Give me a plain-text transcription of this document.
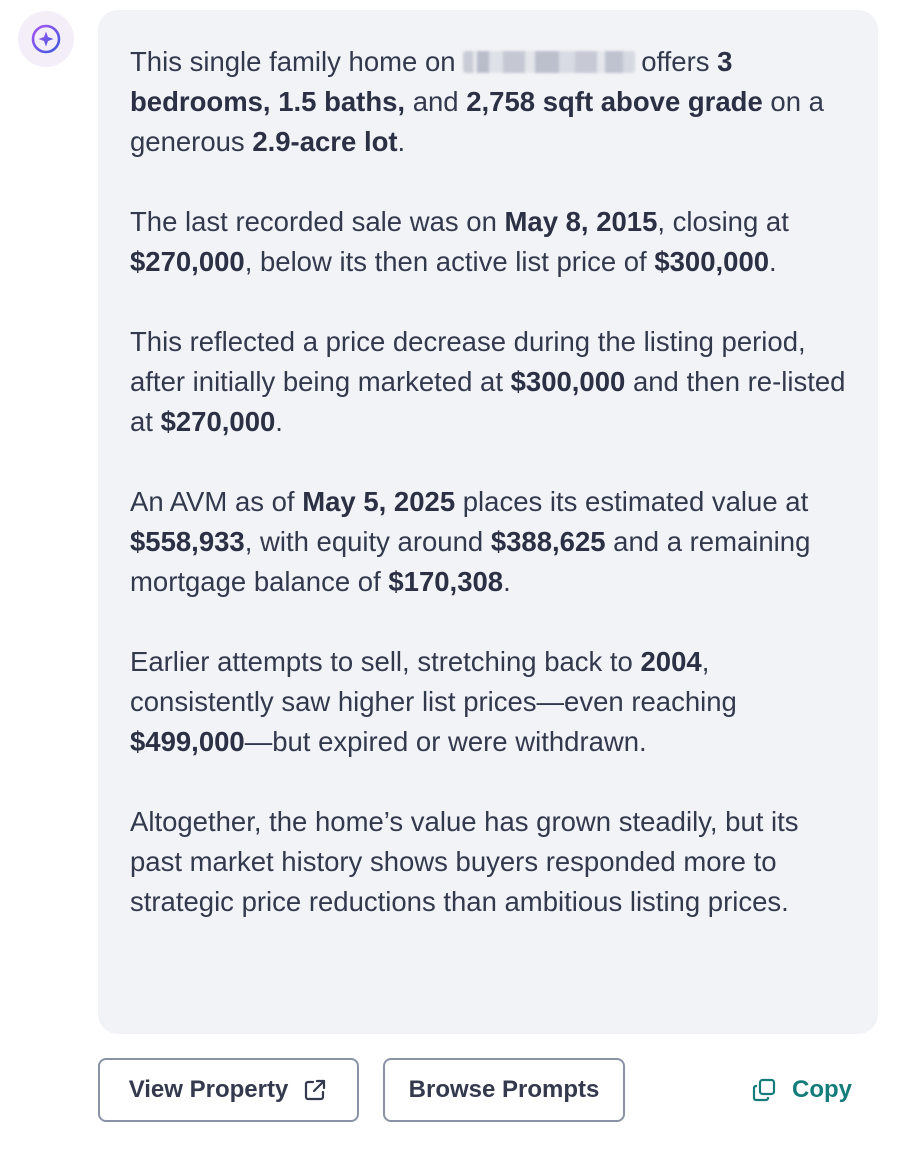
This single family home on	offers 3 bedrooms, 1.5 baths, and 2,758 sqft above grade on a generous 2.9-acre lot.

The last recorded sale was on May 8, 2015, closing at $270,000, below its then active list price of $300,000.

This reflected a price decrease during the listing period, after initially being marketed at $300,000 and then re-listed at $270,000.

An AVM as of May 5, 2025 places its estimated value at $558,933, with equity around $388,625 and a remaining mortgage balance of $170,308.

Earlier attempts to sell, stretching back to 2004, consistently saw higher list prices—even reaching $499,000—but expired or were withdrawn.

Altogether, the home’s value has grown steadily, but its past market history shows buyers responded more to strategic price reductions than ambitious listing prices.

View Property	Browse Prompts	Copy
